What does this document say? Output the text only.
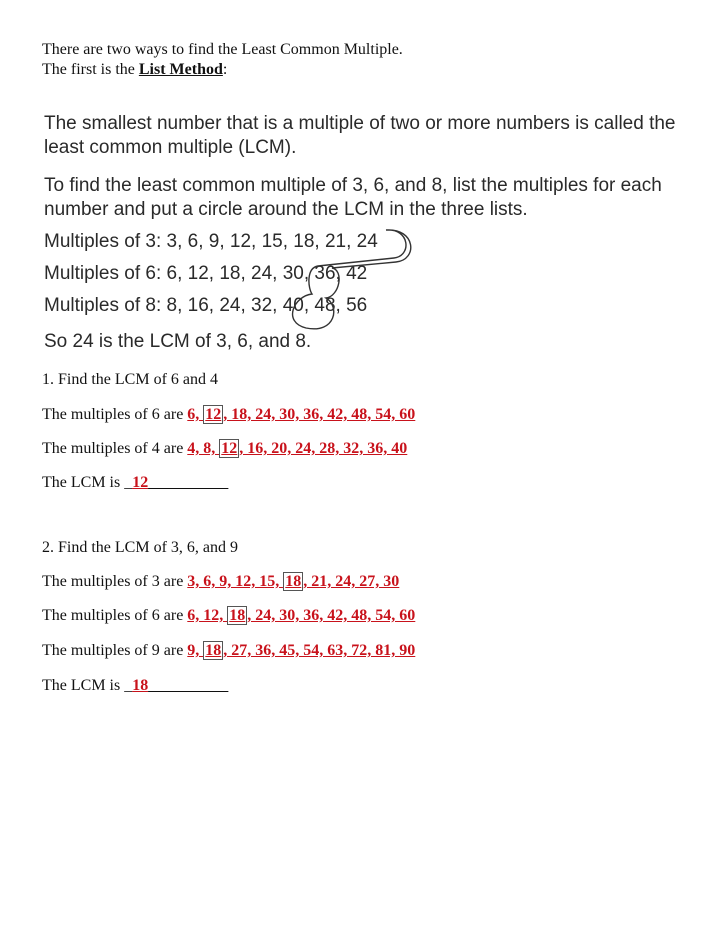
There are two ways to find the Least Common Multiple.
The first is the List Method:

The smallest number that is a multiple of two or more numbers is called the least common multiple (LCM).

To find the least common multiple of 3, 6, and 8, list the multiples for each number and put a circle around the LCM in the three lists.

Multiples of 3: 3, 6, 9, 12, 15, 18, 21, 24
Multiples of 6: 6, 12, 18, 24, 30, 36, 42
Multiples of 8: 8, 16, 24, 32, 40, 48, 56

So 24 is the LCM of 3, 6, and 8.

1. Find the LCM of 6 and 4
The multiples of 6 are 6, 12 , 18, 24, 30, 36, 42, 48, 54, 60
The multiples of 4 are 4, 8, 12 , 16, 20, 24, 28, 32, 36, 40
The LCM is _12__________
2. Find the LCM of 3, 6, and 9
The multiples of 3 are 3, 6, 9, 12, 15, 18 , 21, 24, 27, 30
The multiples of 6 are 6, 12, 18 , 24, 30, 36, 42, 48, 54, 60
The multiples of 9 are 9, 18 , 27, 36, 45, 54, 63, 72, 81, 90
The LCM is _18__________
